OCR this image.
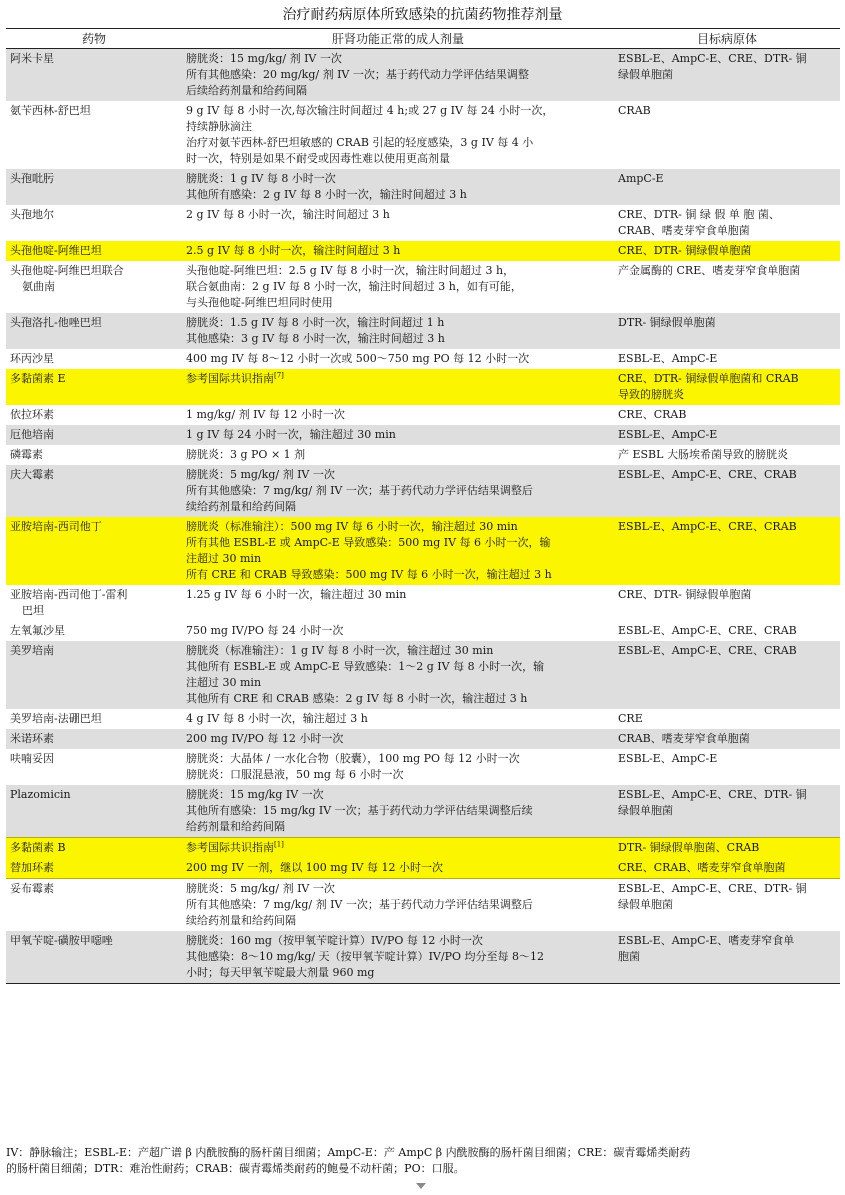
治疗耐药病原体所致感染的抗菌药物推荐剂量
药物	肝肾功能正常的成人剂量	目标病原体

阿米卡星	膀胱炎：15 mg/kg/ 剂 IV 一次
所有其他感染：20 mg/kg/ 剂 IV 一次；基于药代动力学评估结果调整
后续给药剂量和给药间隔	ESBL-E、AmpC-E、CRE、DTR- 铜
绿假单胞菌

氨苄西林-舒巴坦	9 g IV 每 8 小时一次,每次输注时间超过 4 h;或 27 g IV 每 24 小时一次，
持续静脉滴注
治疗对氨苄西林-舒巴坦敏感的 CRAB 引起的轻度感染，3 g IV 每 4 小
时一次，特别是如果不耐受或因毒性难以使用更高剂量	CRAB

头孢吡肟	膀胱炎：1 g IV 每 8 小时一次
其他所有感染：2 g IV 每 8 小时一次，输注时间超过 3 h	AmpC-E

头孢地尔	2 g IV 每 8 小时一次，输注时间超过 3 h	CRE、DTR- 铜 绿 假 单 胞 菌、
CRAB、嗜麦芽窄食单胞菌

头孢他啶-阿维巴坦	2.5 g IV 每 8 小时一次，输注时间超过 3 h	CRE、DTR- 铜绿假单胞菌

头孢他啶-阿维巴坦联合
氨曲南	头孢他啶-阿维巴坦：2.5 g IV 每 8 小时一次，输注时间超过 3 h，
联合氨曲南：2 g IV 每 8 小时一次，输注时间超过 3 h，如有可能，
与头孢他啶-阿维巴坦同时使用	产金属酶的 CRE、嗜麦芽窄食单胞菌

头孢洛扎-他唑巴坦	膀胱炎：1.5 g IV 每 8 小时一次，输注时间超过 1 h
其他感染：3 g IV 每 8 小时一次，输注时间超过 3 h	DTR- 铜绿假单胞菌

环丙沙星	400 mg IV 每 8～12 小时一次或 500～750 mg PO 每 12 小时一次	ESBL-E、AmpC-E

多黏菌素 E	参考国际共识指南[7]	CRE、DTR- 铜绿假单胞菌和 CRAB
导致的膀胱炎

依拉环素	1 mg/kg/ 剂 IV 每 12 小时一次	CRE、CRAB

厄他培南	1 g IV 每 24 小时一次，输注超过 30 min	ESBL-E、AmpC-E

磷霉素	膀胱炎：3 g PO × 1 剂	产 ESBL 大肠埃希菌导致的膀胱炎

庆大霉素	膀胱炎：5 mg/kg/ 剂 IV 一次
所有其他感染：7 mg/kg/ 剂 IV 一次；基于药代动力学评估结果调整后
续给药剂量和给药间隔	ESBL-E、AmpC-E、CRE、CRAB

亚胺培南-西司他丁	膀胱炎（标准输注）：500 mg IV 每 6 小时一次，输注超过 30 min
所有其他 ESBL-E 或 AmpC-E 导致感染：500 mg IV 每 6 小时一次，输
注超过 30 min
所有 CRE 和 CRAB 导致感染：500 mg IV 每 6 小时一次，输注超过 3 h	ESBL-E、AmpC-E、CRE、CRAB

亚胺培南-西司他丁-雷利
巴坦	1.25 g IV 每 6 小时一次，输注超过 30 min	CRE、DTR- 铜绿假单胞菌

左氧氟沙星	750 mg IV/PO 每 24 小时一次	ESBL-E、AmpC-E、CRE、CRAB

美罗培南	膀胱炎（标准输注）：1 g IV 每 8 小时一次，输注超过 30 min
其他所有 ESBL-E 或 AmpC-E 导致感染：1～2 g IV 每 8 小时一次，输
注超过 30 min
其他所有 CRE 和 CRAB 感染：2 g IV 每 8 小时一次，输注超过 3 h	ESBL-E、AmpC-E、CRE、CRAB

美罗培南-法硼巴坦	4 g IV 每 8 小时一次，输注超过 3 h	CRE

米诺环素	200 mg IV/PO 每 12 小时一次	CRAB、嗜麦芽窄食单胞菌

呋喃妥因	膀胱炎：大晶体 / 一水化合物（胶囊），100 mg PO 每 12 小时一次
膀胱炎：口服混悬液，50 mg 每 6 小时一次	ESBL-E、AmpC-E

Plazomicin	膀胱炎：15 mg/kg IV 一次
其他所有感染：15 mg/kg IV 一次；基于药代动力学评估结果调整后续
给药剂量和给药间隔	ESBL-E、AmpC-E、CRE、DTR- 铜
绿假单胞菌

多黏菌素 B	参考国际共识指南[1]	DTR- 铜绿假单胞菌、CRAB

替加环素	200 mg IV 一剂，继以 100 mg IV 每 12 小时一次	CRE、CRAB、嗜麦芽窄食单胞菌

妥布霉素	膀胱炎：5 mg/kg/ 剂 IV 一次
所有其他感染：7 mg/kg/ 剂 IV 一次；基于药代动力学评估结果调整后
续给药剂量和给药间隔	ESBL-E、AmpC-E、CRE、DTR- 铜
绿假单胞菌

甲氧苄啶-磺胺甲噁唑	膀胱炎：160 mg（按甲氧苄啶计算）IV/PO 每 12 小时一次
其他感染：8～10 mg/kg/ 天（按甲氧苄啶计算）IV/PO 均分至每 8～12
小时；每天甲氧苄啶最大剂量 960 mg	ESBL-E、AmpC-E、嗜麦芽窄食单
胞菌
IV：静脉输注；ESBL-E：产超广谱 β 内酰胺酶的肠杆菌目细菌；AmpC-E：产 AmpC β 内酰胺酶的肠杆菌目细菌；CRE：碳青霉烯类耐药
的肠杆菌目细菌；DTR：难治性耐药；CRAB：碳青霉烯类耐药的鲍曼不动杆菌；PO：口服。
